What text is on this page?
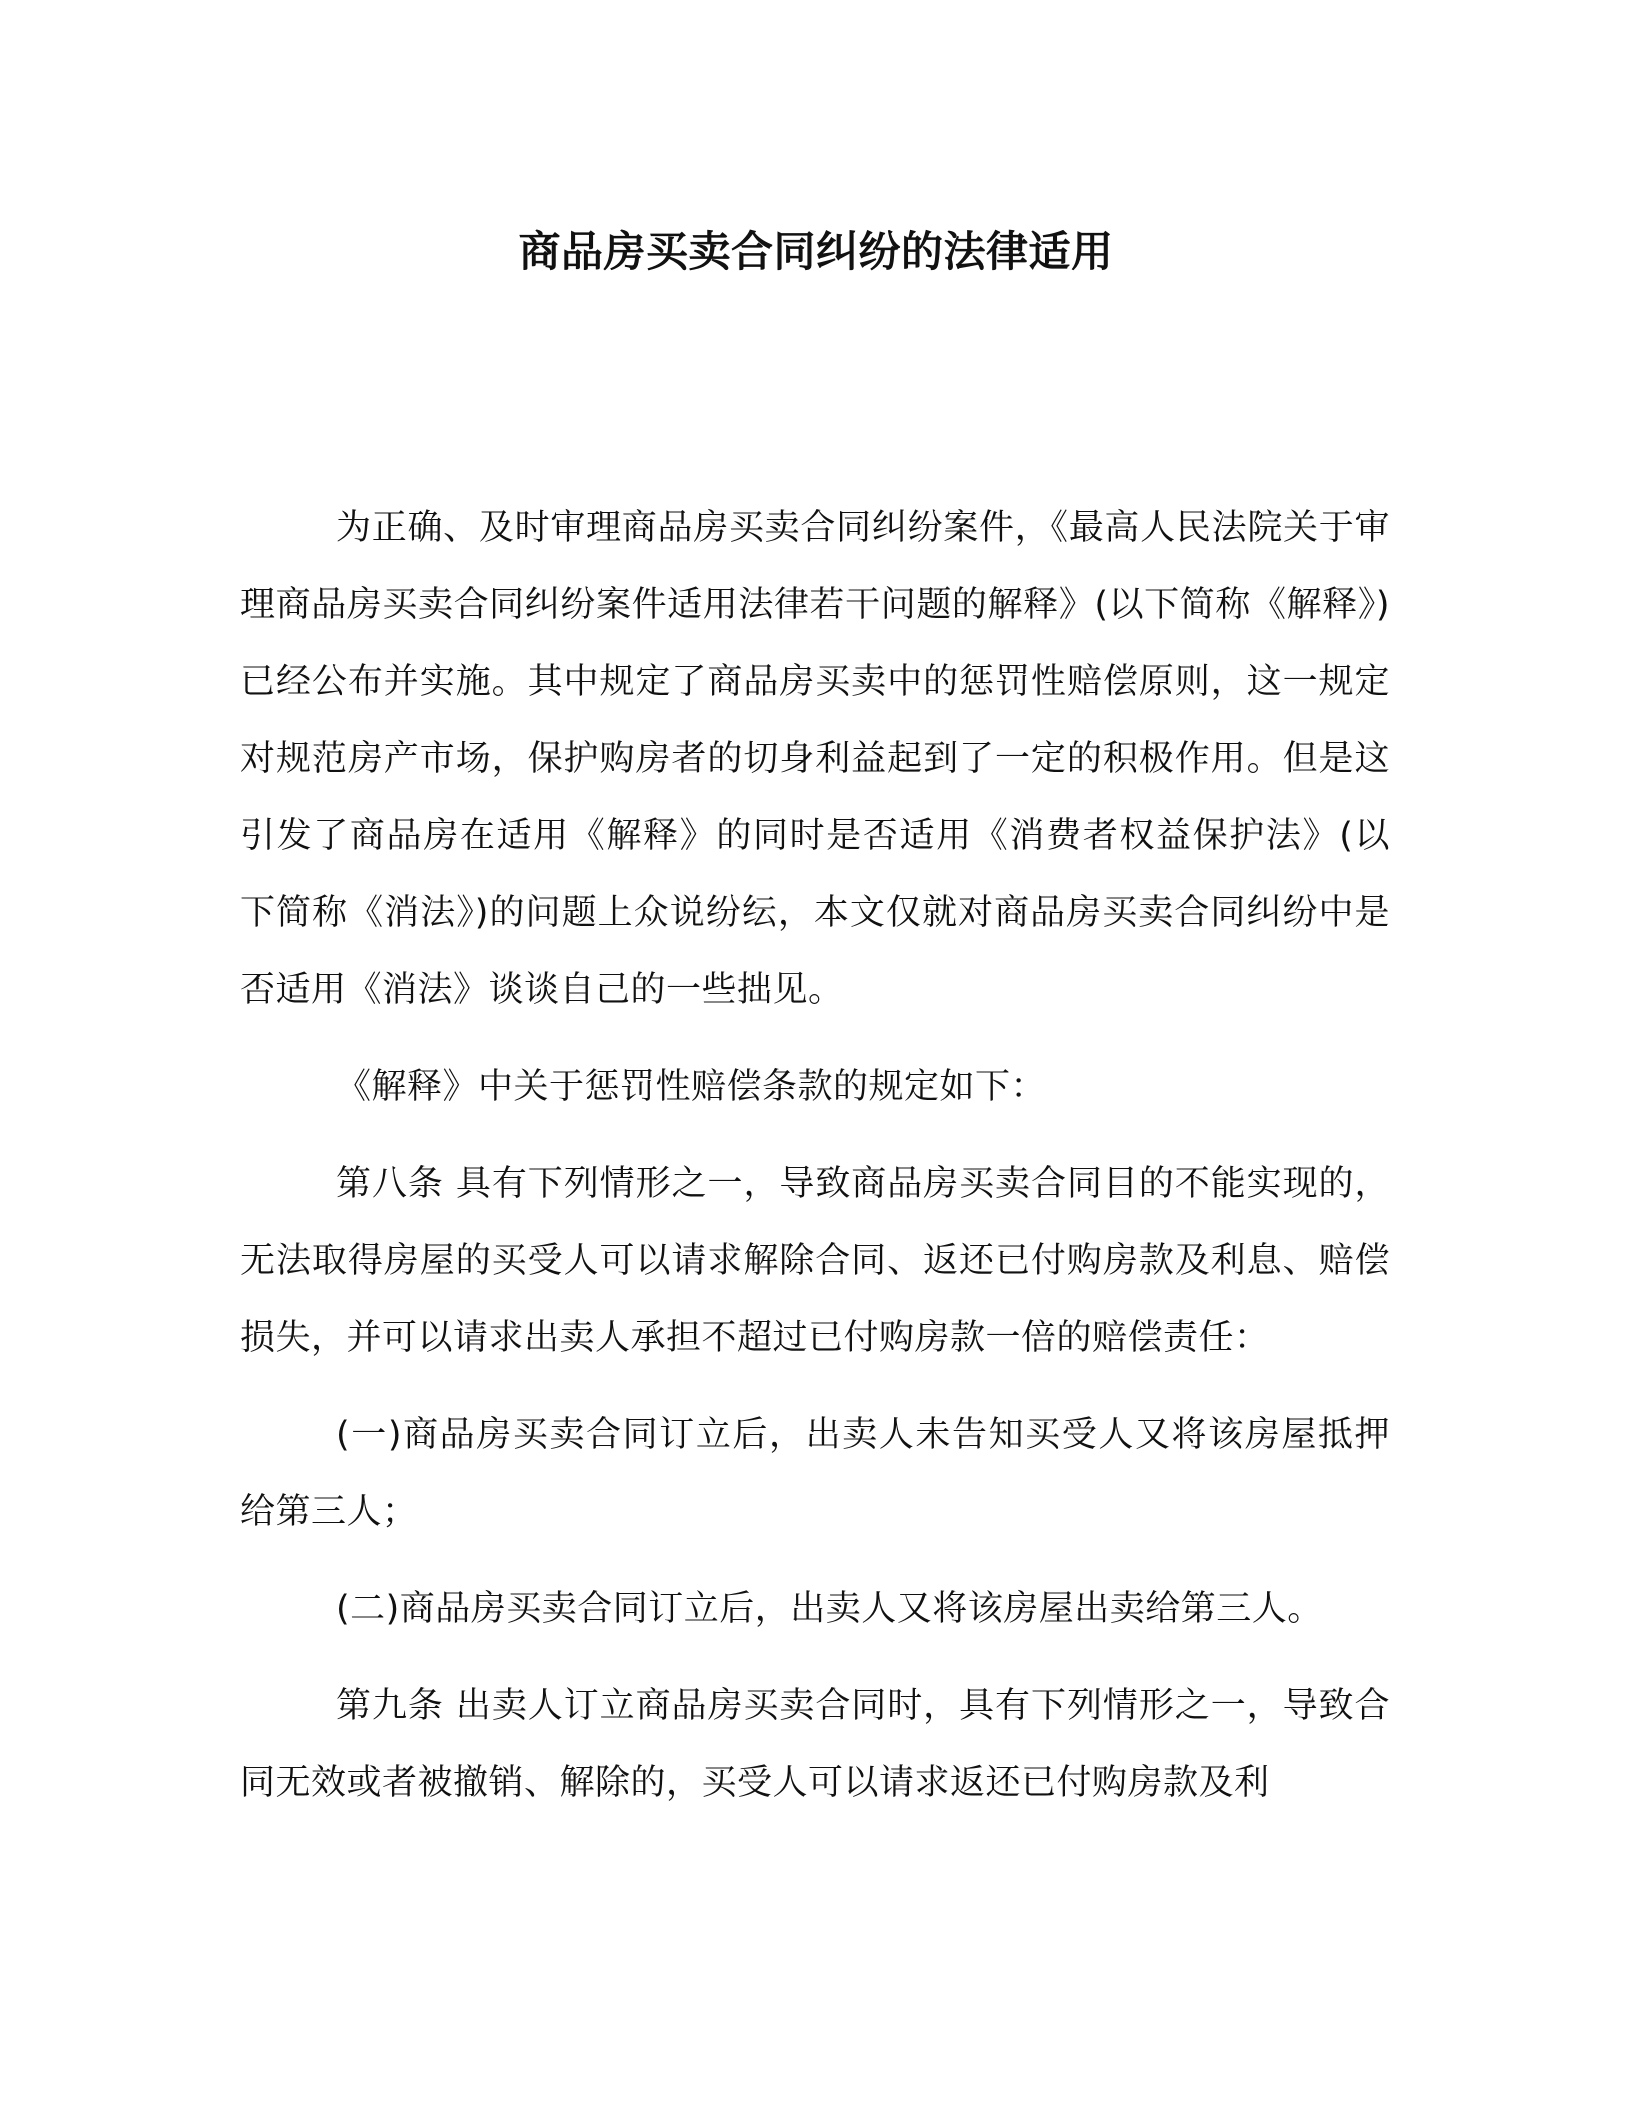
商品房买卖合同纠纷的法律适用

为正确、及时审理商品房买卖合同纠纷案件，《最高人民法院关于审理商品房买卖合同纠纷案件适用法律若干问题的解释》(以下简称《解释》)已经公布并实施。其中规定了商品房买卖中的惩罚性赔偿原则，这一规定对规范房产市场，保护购房者的切身利益起到了一定的积极作用。但是这引发了商品房在适用《解释》的同时是否适用《消费者权益保护法》(以下简称《消法》)的问题上众说纷纭，本文仅就对商品房买卖合同纠纷中是否适用《消法》谈谈自己的一些拙见。

《解释》中关于惩罚性赔偿条款的规定如下：

第八条 具有下列情形之一，导致商品房买卖合同目的不能实现的，无法取得房屋的买受人可以请求解除合同、返还已付购房款及利息、赔偿损失，并可以请求出卖人承担不超过已付购房款一倍的赔偿责任：

(一)商品房买卖合同订立后，出卖人未告知买受人又将该房屋抵押给第三人；

(二)商品房买卖合同订立后，出卖人又将该房屋出卖给第三人。

第九条 出卖人订立商品房买卖合同时，具有下列情形之一，导致合同无效或者被撤销、解除的，买受人可以请求返还已付购房款及利
